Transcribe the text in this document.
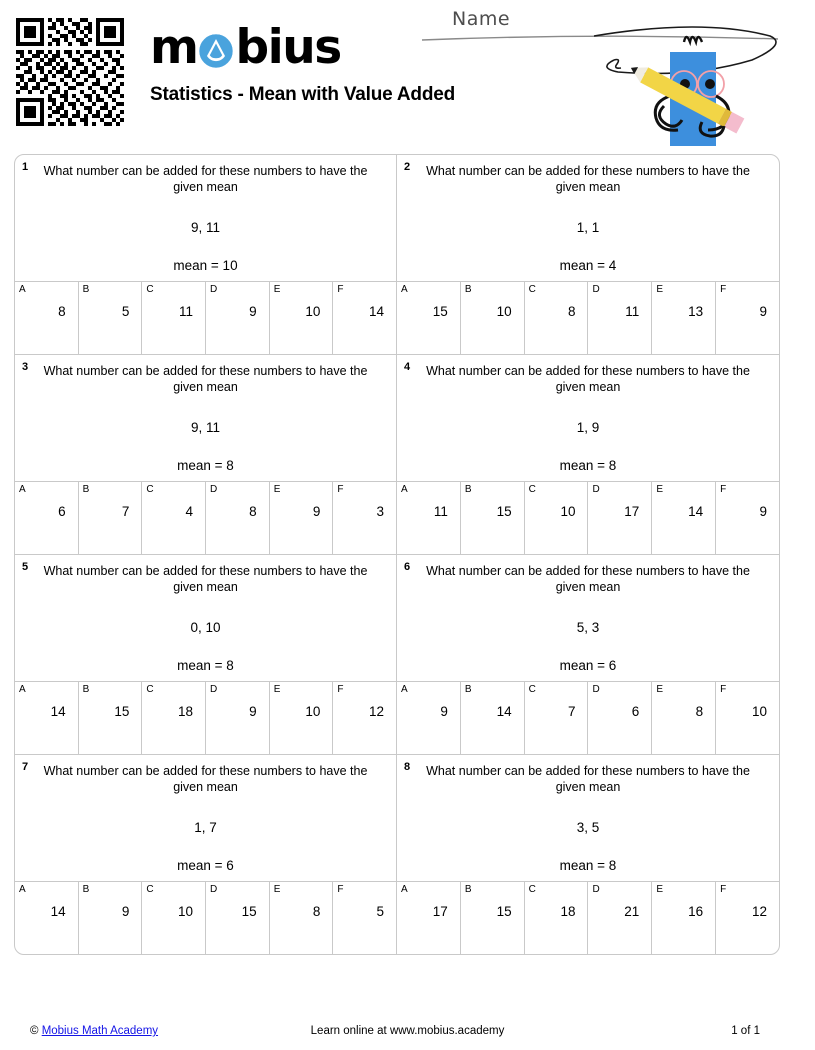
m bius
Statistics - Mean with Value Added
Name
1	What number can be added for these numbers to have the given mean
9, 11
mean = 10
A
8
B
5
C
11
D
9
E
10
F
14
2	What number can be added for these numbers to have the given mean
1, 1
mean = 4
A
15
B
10
C
8
D
11
E
13
F
9
3	What number can be added for these numbers to have the given mean
9, 11
mean = 8
A
6
B
7
C
4
D
8
E
9
F
3
4	What number can be added for these numbers to have the given mean
1, 9
mean = 8
A
11
B
15
C
10
D
17
E
14
F
9
5	What number can be added for these numbers to have the given mean
0, 10
mean = 8
A
14
B
15
C
18
D
9
E
10
F
12
6	What number can be added for these numbers to have the given mean
5, 3
mean = 6
A
9
B
14
C
7
D
6
E
8
F
10
7	What number can be added for these numbers to have the given mean
1, 7
mean = 6
A
14
B
9
C
10
D
15
E
8
F
5
8	What number can be added for these numbers to have the given mean
3, 5
mean = 8
A
17
B
15
C
18
D
21
E
16
F
12
© Mobius Math Academy	Learn online at www.mobius.academy	1 of 1
